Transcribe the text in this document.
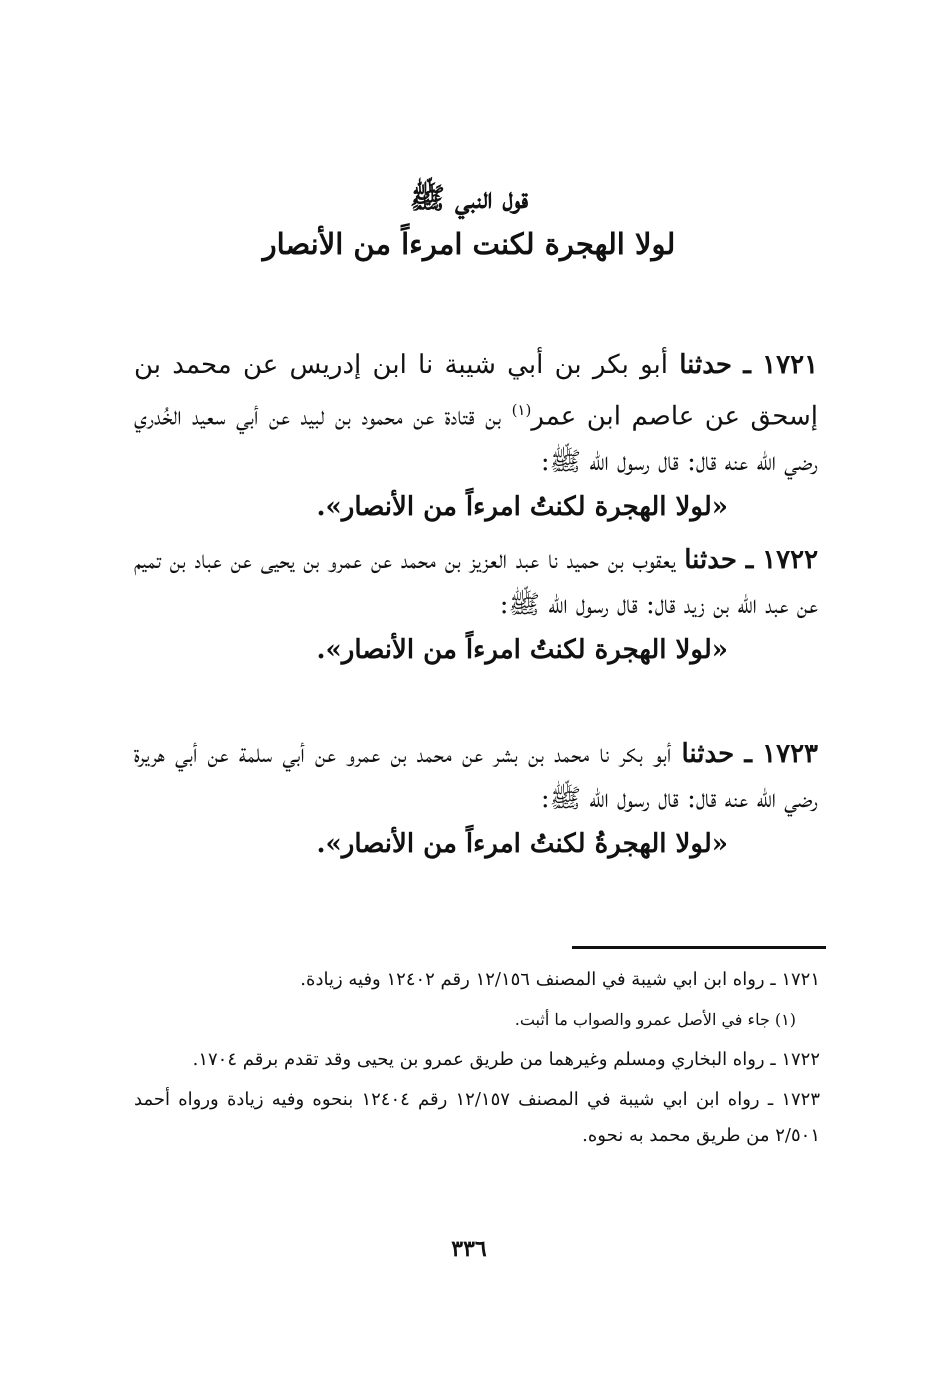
قول النبي ﷺ
لولا الهجرة لكنت امرءاً من الأنصار
١٧٢١ ـ حدثنا أبو بكر بن أبي شيبة نا ابن إدريس عن محمد بن إسحق عن عاصم ابن عمر$^{(١)}$ بن قتادة عن محمود بن لبيد عن أبي سعيد الخُدري رضي الله عنه قال: قال رسول الله ﷺ:
«لولا الهجرة لكنتُ امرءاً من الأنصار».
١٧٢٢ ـ حدثنا يعقوب بن حميد نا عبد العزيز بن محمد عن عمرو بن يحيى عن عباد بن تميم عن عبد الله بن زيد قال: قال رسول الله ﷺ:
«لولا الهجرة لكنتُ امرءاً من الأنصار».
١٧٢٣ ـ حدثنا أبو بكر نا محمد بن بشر عن محمد بن عمرو عن أبي سلمة عن أبي هريرة رضي الله عنه قال: قال رسول الله ﷺ:
«لولا الهجرةُ لكنتُ امرءاً من الأنصار».

١٧٢١ ـ رواه ابن ابي شيبة في المصنف ١٢/١٥٦ رقم ١٢٤٠٢ وفيه زيادة.

(١) جاء في الأصل عمرو والصواب ما أثبت.

١٧٢٢ ـ رواه البخاري ومسلم وغيرهما من طريق عمرو بن يحيى وقد تقدم برقم ١٧٠٤.

١٧٢٣ ـ رواه ابن ابي شيبة في المصنف ١٢/١٥٧ رقم ١٢٤٠٤ بنحوه وفيه زيادة ورواه أحمد ٢/٥٠١ من طريق محمد به نحوه.

٣٣٦
